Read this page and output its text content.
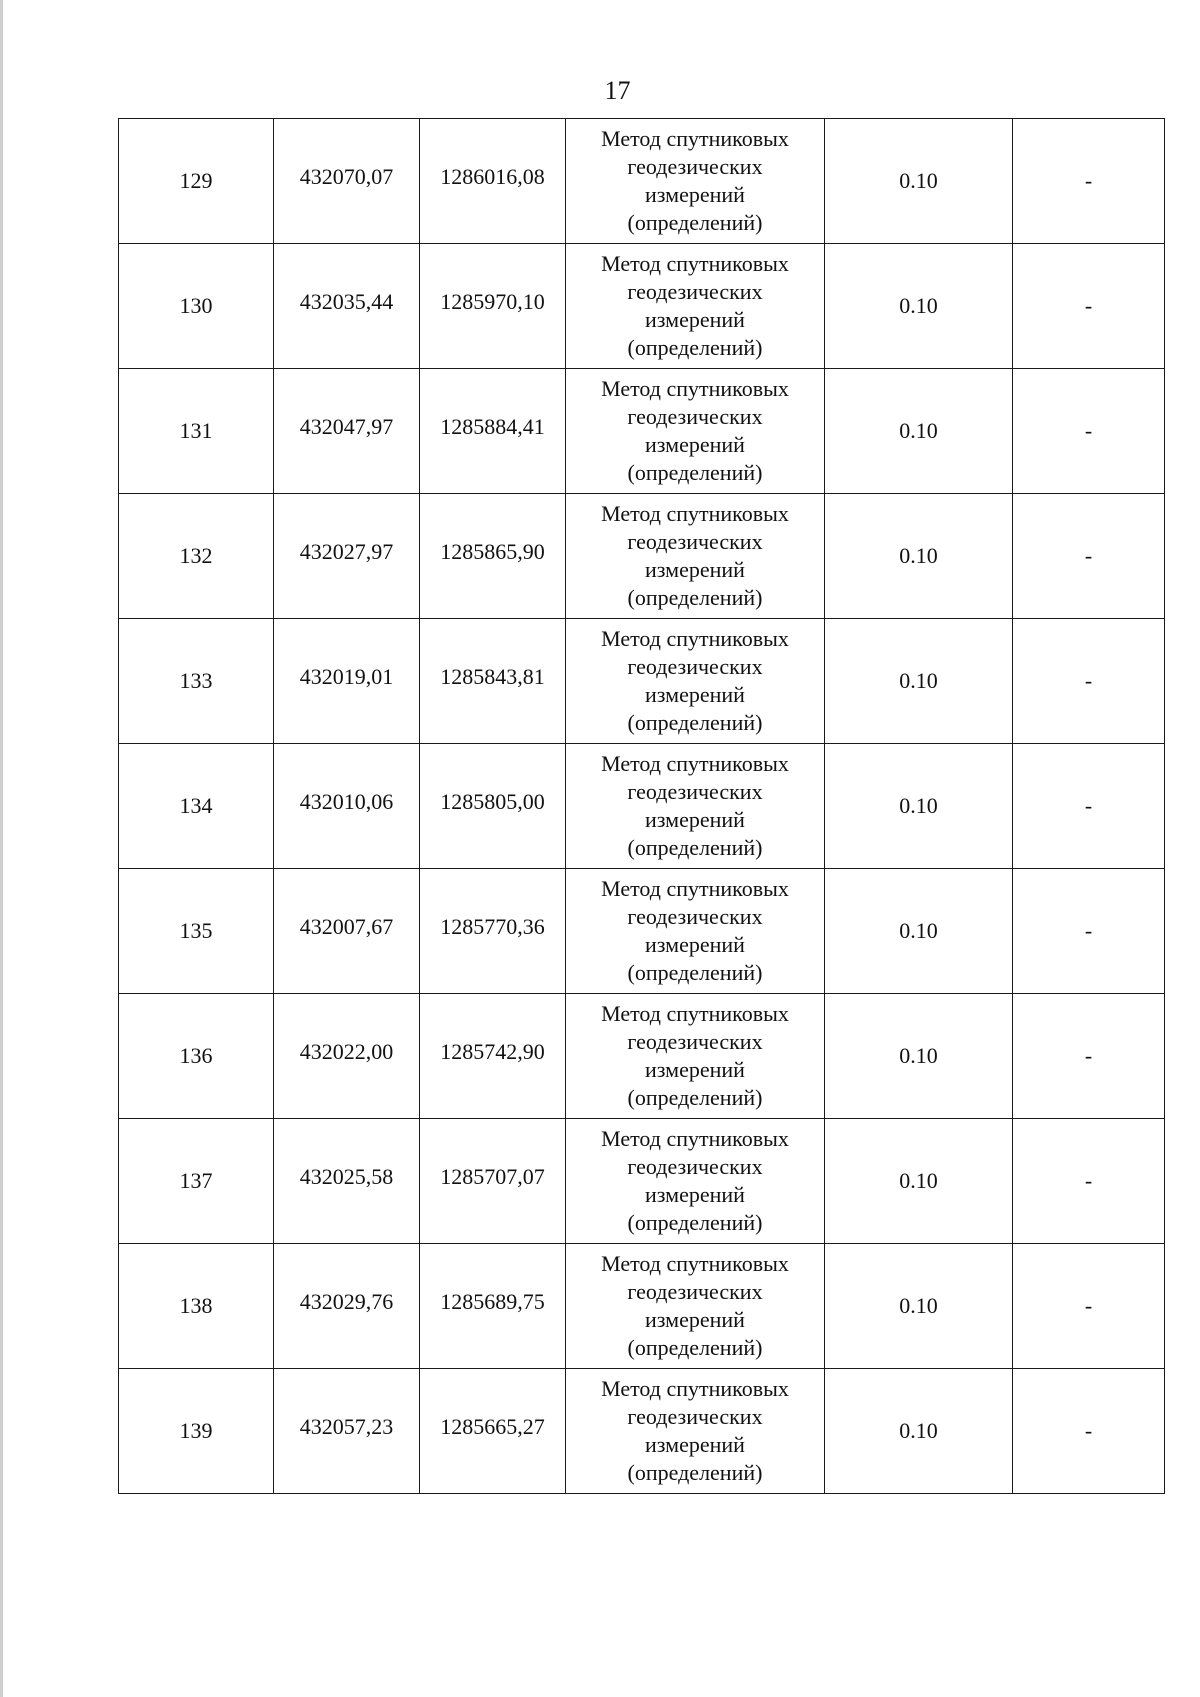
17
129	432070,07	1286016,08	Метод спутниковых
геодезических
измерений
(определений)	0.10	-
130	432035,44	1285970,10	Метод спутниковых
геодезических
измерений
(определений)	0.10	-
131	432047,97	1285884,41	Метод спутниковых
геодезических
измерений
(определений)	0.10	-
132	432027,97	1285865,90	Метод спутниковых
геодезических
измерений
(определений)	0.10	-
133	432019,01	1285843,81	Метод спутниковых
геодезических
измерений
(определений)	0.10	-
134	432010,06	1285805,00	Метод спутниковых
геодезических
измерений
(определений)	0.10	-
135	432007,67	1285770,36	Метод спутниковых
геодезических
измерений
(определений)	0.10	-
136	432022,00	1285742,90	Метод спутниковых
геодезических
измерений
(определений)	0.10	-
137	432025,58	1285707,07	Метод спутниковых
геодезических
измерений
(определений)	0.10	-
138	432029,76	1285689,75	Метод спутниковых
геодезических
измерений
(определений)	0.10	-
139	432057,23	1285665,27	Метод спутниковых
геодезических
измерений
(определений)	0.10	-
